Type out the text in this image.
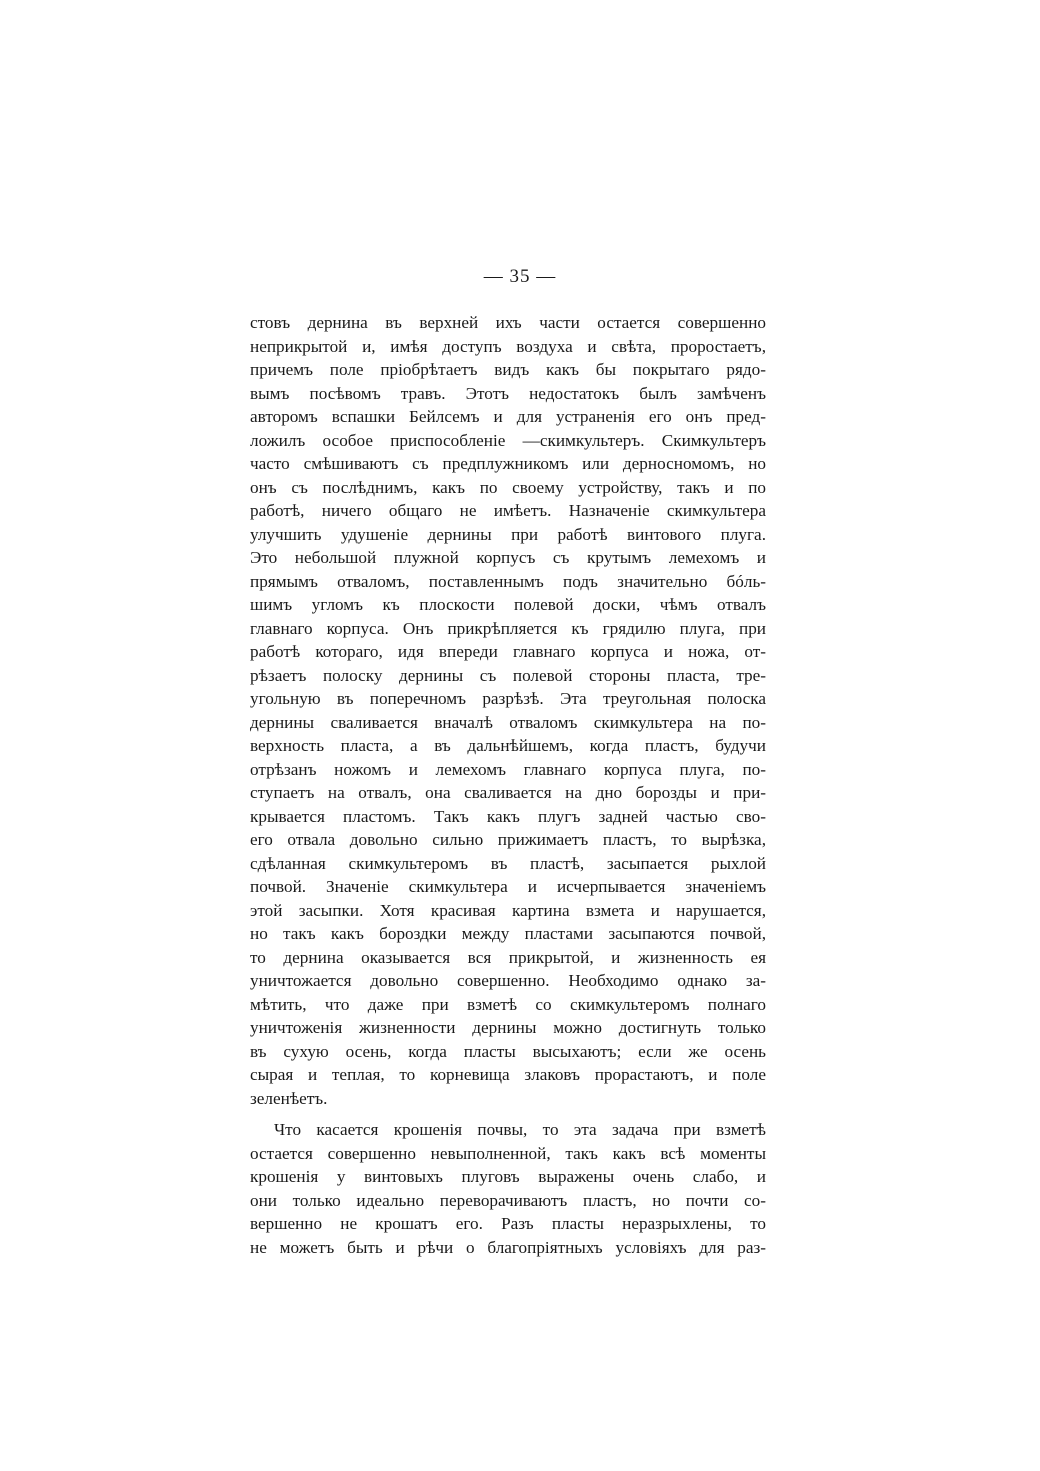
— 35 —
стовъ дернина въ верхней ихъ части остается совершенно
неприкрытой и, имѣя доступъ воздуха и свѣта, проростаетъ,
причемъ поле пріобрѣтаетъ видъ какъ бы покрытаго рядо-
вымъ посѣвомъ травъ. Этотъ недостатокъ былъ замѣченъ
авторомъ вспашки Бейлсемъ и для устраненія его онъ пред-
ложилъ особое приспособленіе —скимкультеръ. Скимкультеръ
часто смѣшиваютъ съ предплужникомъ или дерносномомъ, но
онъ съ послѣднимъ, какъ по своему устройству, такъ и по
работѣ, ничего общаго не имѣетъ. Назначеніе скимкультера
улучшить удушеніе дернины при работѣ винтового плуга.
Это небольшой плужной корпусъ съ крутымъ лемехомъ и
прямымъ отваломъ, поставленнымъ подъ значительно бóль-
шимъ угломъ къ плоскости полевой доски, чѣмъ отвалъ
главнаго корпуса. Онъ прикрѣпляется къ грядилю плуга, при
работѣ котораго, идя впереди главнаго корпуса и ножа, от-
рѣзаетъ полоску дернины съ полевой стороны пласта, тре-
угольную въ поперечномъ разрѣзѣ. Эта треугольная полоска
дернины сваливается вначалѣ отваломъ скимкультера на по-
верхность пласта, а въ дальнѣйшемъ, когда пластъ, будучи
отрѣзанъ ножомъ и лемехомъ главнаго корпуса плуга, по-
ступаетъ на отвалъ, она сваливается на дно борозды и при-
крывается пластомъ. Такъ какъ плугъ задней частью сво-
его отвала довольно сильно прижимаетъ пластъ, то вырѣзка,
сдѣланная скимкультеромъ въ пластѣ, засыпается рыхлой
почвой. Значеніе скимкультера и исчерпывается значеніемъ
этой засыпки. Хотя красивая картина взмета и нарушается,
но такъ какъ бороздки между пластами засыпаются почвой,
то дернина оказывается вся прикрытой, и жизненность ея
уничтожается довольно совершенно. Необходимо однако за-
мѣтить, что даже при взметѣ со скимкультеромъ полнаго
уничтоженія жизненности дернины можно достигнуть только
въ сухую осень, когда пласты высыхаютъ; если же осень
сырая и теплая, то корневища злаковъ прорастаютъ, и поле
зеленѣетъ.
Что касается крошенія почвы, то эта задача при взметѣ
остается совершенно невыполненной, такъ какъ всѣ моменты
крошенія у винтовыхъ плуговъ выражены очень слабо, и
они только идеально переворачиваютъ пластъ, но почти со-
вершенно не крошатъ его. Разъ пласты неразрыхлены, то
не можетъ быть и рѣчи о благопріятныхъ условіяхъ для раз-
